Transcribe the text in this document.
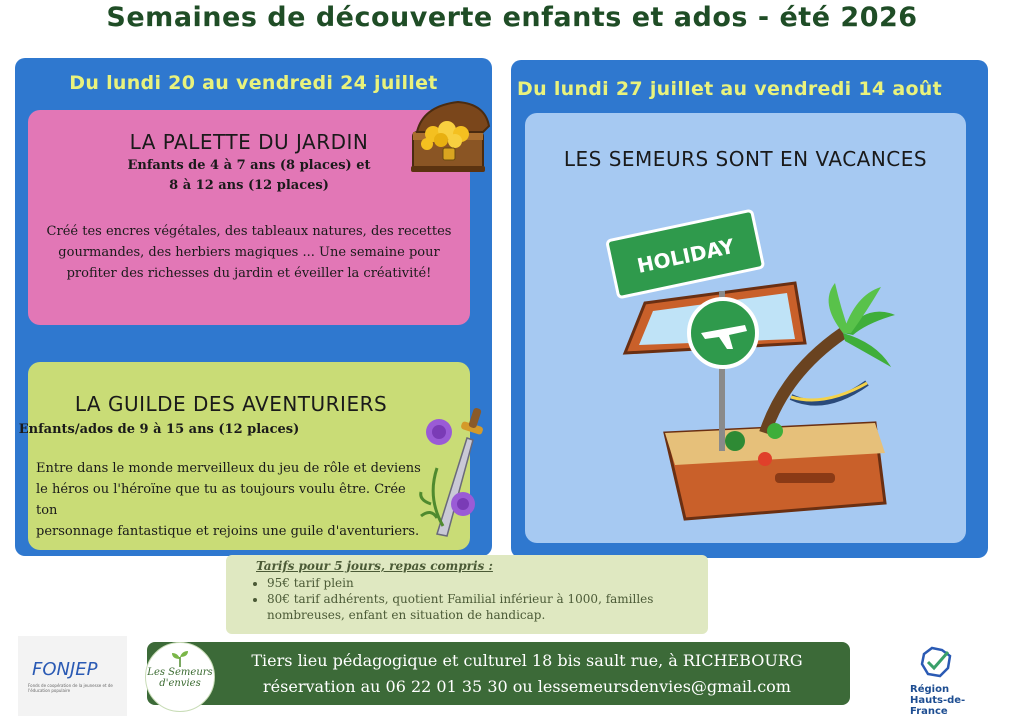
Semaines de découverte enfants et ados - été 2026
Du lundi 20 au vendredi 24 juillet
LA PALETTE DU JARDIN
Enfants de 4 à 7 ans (8 places) et
8 à 12 ans (12 places)
Créé tes encres végétales, des tableaux natures, des recettes
gourmandes, des herbiers magiques ... Une semaine pour
profiter des richesses du jardin et éveiller la créativité!
LA GUILDE DES AVENTURIERS
Enfants/ados de 9 à 15 ans (12 places)
Entre dans le monde merveilleux du jeu de rôle et deviens
le héros ou l'héroïne que tu as toujours voulu être. Crée ton
personnage fantastique et rejoins une guile d'aventuriers.
Du lundi 27 juillet au vendredi 14 août
LES SEMEURS SONT EN VACANCES
HOLIDAY
Tarifs pour 5 jours, repas compris :
• 95€ tarif plein
• 80€ tarif adhérents, quotient Familial inférieur à 1000, familles nombreuses, enfant en situation de handicap.
FONJEP
Fonds de coopération de la jeunesse et de l'éducation populaire
Tiers lieu pédagogique et culturel 18 bis sault rue, à RICHEBOURG
réservation au 06 22 01 35 30 ou lessemeursdenvies@gmail.com
Les Semeurs
d'envies
Région
Hauts-de-France
